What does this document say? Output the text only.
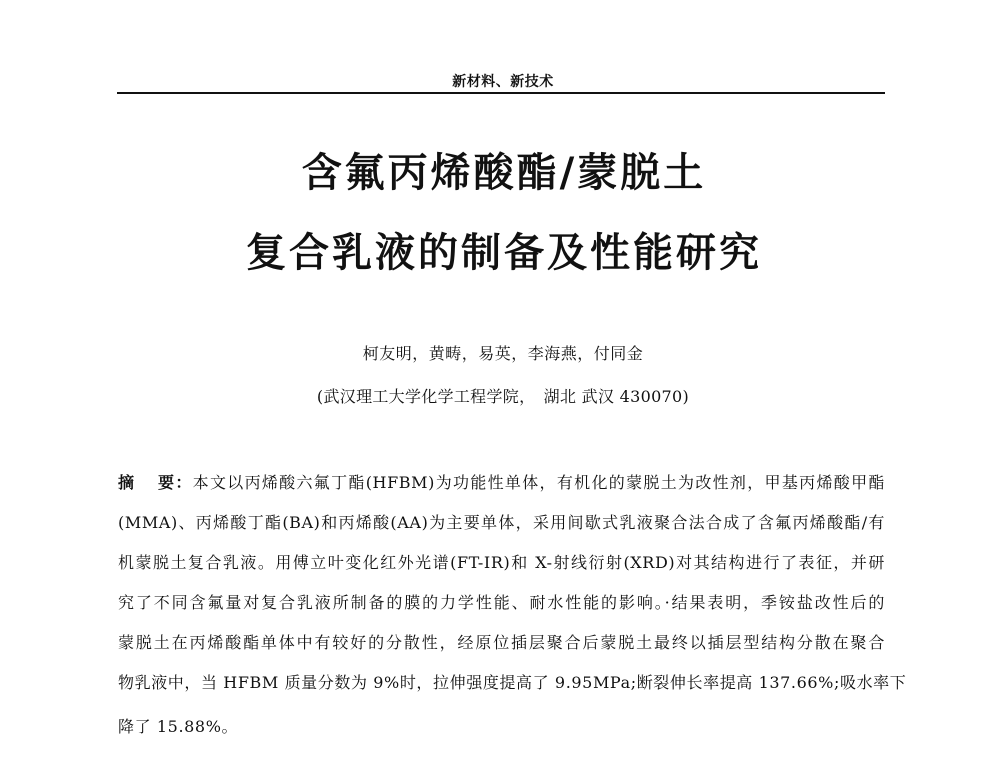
新材料、新技术
含氟丙烯酸酯/蒙脱土
复合乳液的制备及性能研究
柯友明，黄畴，易英，李海燕，付同金
(武汉理工大学化学工程学院，　湖北 武汉 430070)
摘 要：本文以丙烯酸六氟丁酯(HFBM)为功能性单体，有机化的蒙脱土为改性剂，甲基丙烯酸甲酯
(MMA)、丙烯酸丁酯(BA)和丙烯酸(AA)为主要单体，采用间歇式乳液聚合法合成了含氟丙烯酸酯/有
机蒙脱土复合乳液。用傅立叶变化红外光谱(FT-IR)和 X-射线衍射(XRD)对其结构进行了表征，并研
究了不同含氟量对复合乳液所制备的膜的力学性能、耐水性能的影响。·结果表明，季铵盐改性后的
蒙脱土在丙烯酸酯单体中有较好的分散性，经原位插层聚合后蒙脱土最终以插层型结构分散在聚合
物乳液中，当 HFBM 质量分数为 9%时，拉伸强度提高了 9.95MPa;断裂伸长率提高 137.66%;吸水率下
降了 15.88%。
